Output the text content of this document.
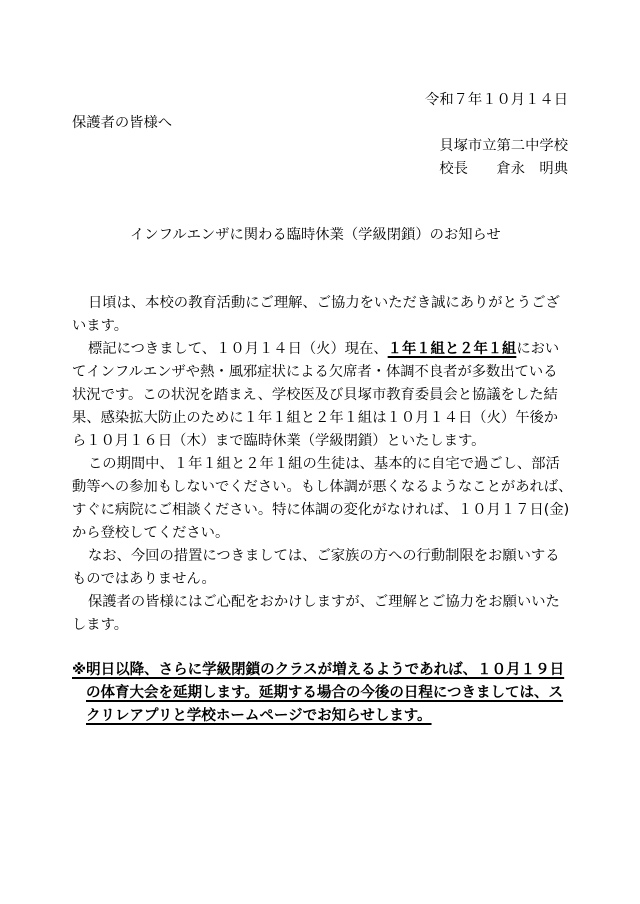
令和７年１０月１４日
保護者の皆様へ
貝塚市立第二中学校
校長　　倉永　明典
インフルエンザに関わる臨時休業（学級閉鎖）のお知らせ
日頃は、本校の教育活動にご理解、ご協力をいただき誠にありがとうござ
います。
標記につきまして、１０月１４日（火）現在、１年１組と２年１組におい
てインフルエンザや熱・風邪症状による欠席者・体調不良者が多数出ている
状況です。この状況を踏まえ、学校医及び貝塚市教育委員会と協議をした結
果、感染拡大防止のために１年１組と２年１組は１０月１４日（火）午後か
ら１０月１６日（木）まで臨時休業（学級閉鎖）といたします。
この期間中、１年１組と２年１組の生徒は、基本的に自宅で過ごし、部活
動等への参加もしないでください。もし体調が悪くなるようなことがあれば、
すぐに病院にご相談ください。特に体調の変化がなければ、１０月１７日(金)
から登校してください。
なお、今回の措置につきましては、ご家族の方への行動制限をお願いする
ものではありません。
保護者の皆様にはご心配をおかけしますが、ご理解とご協力をお願いいた
します。
※明日以降、さらに学級閉鎖のクラスが増えるようであれば、１０月１９日
の体育大会を延期します。延期する場合の今後の日程につきましては、ス
クリレアプリと学校ホームページでお知らせします。
